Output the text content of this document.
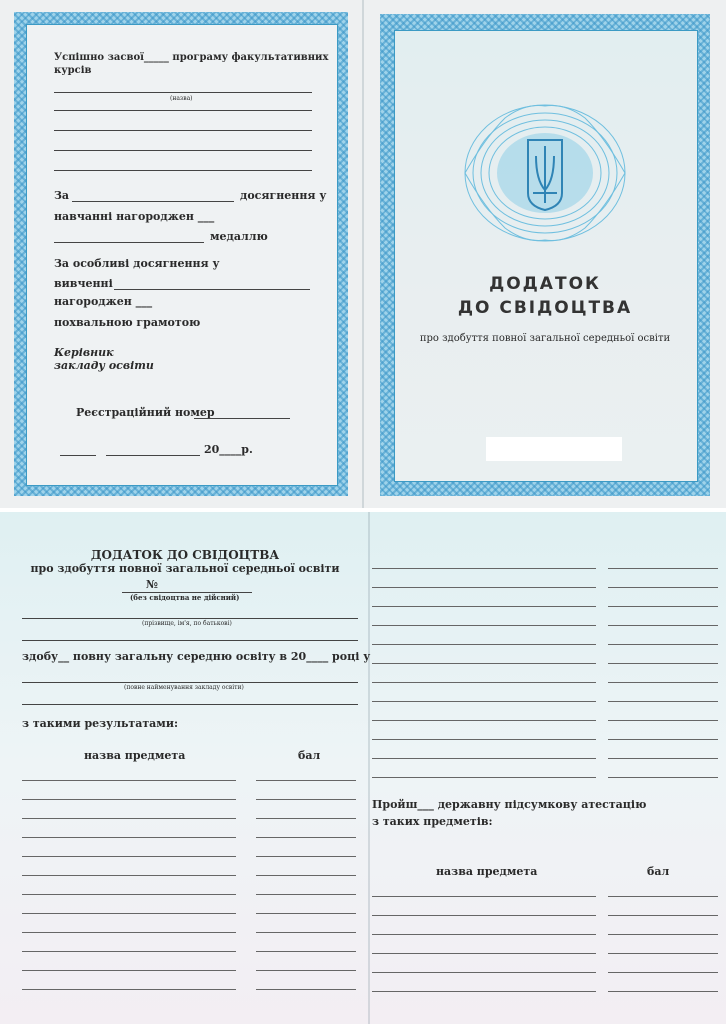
Успішно засвої_____ програму факультативних
курсів
(назва)
За	досягнення у
навчанні нагороджен ___
медаллю
За особливі досягнення у
вивченні
нагороджен ___
похвальною грамотою
Керівник
закладу освіти
Реєстраційний номер
20____р.
ДОДАТОК
ДО СВІДОЦТВА
про здобуття повної загальної середньої освіти
ДОДАТОК ДО СВІДОЦТВА
про здобуття повної загальної середньої освіти
№
(без свідоцтва не дійсний)
(прізвище, ім'я, по батькові)
здобу__ повну загальну середню освіту в 20____ році у
(повне найменування закладу освіти)
з такими результатами:
назва предмета	бал
Пройш___ державну підсумкову атестацію
з таких предметів:
назва предмета	бал
